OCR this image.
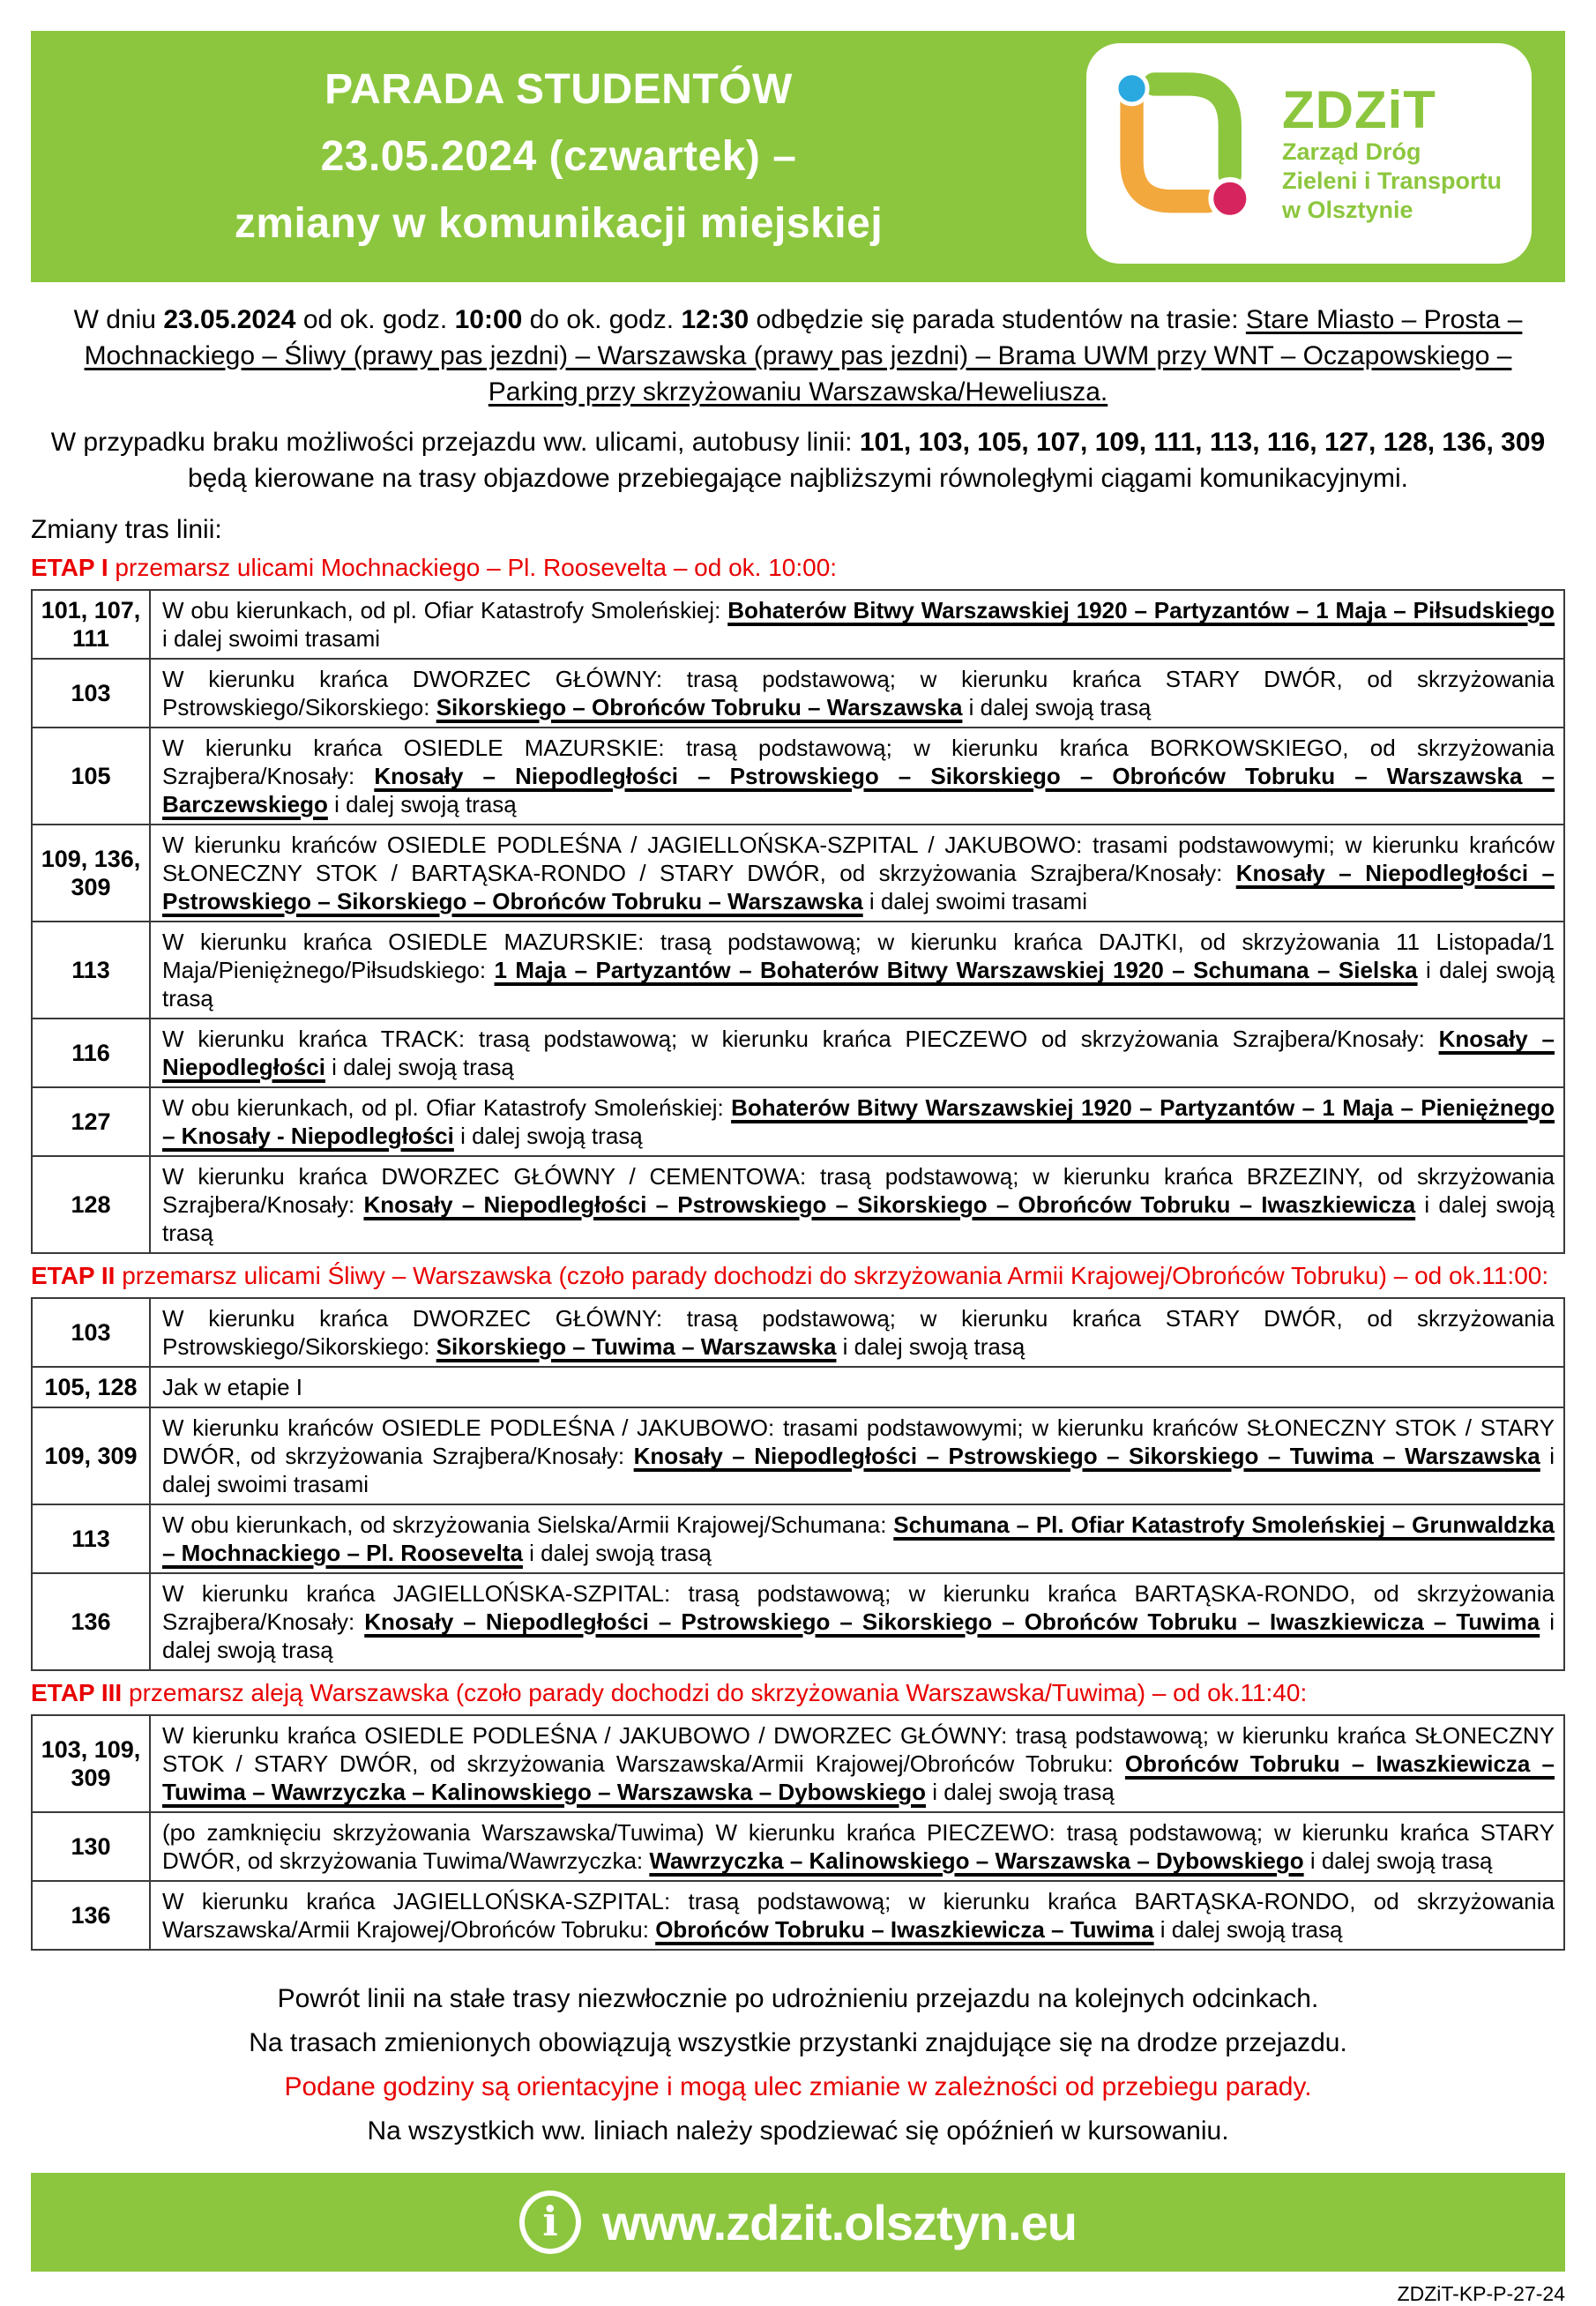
PARADA STUDENTÓW
23.05.2024 (czwartek) –
zmiany w komunikacji miejskiej
ZDZiT
Zarząd Dróg
Zieleni i Transportu
w Olsztynie

W dniu 23.05.2024 od ok. godz. 10:00 do ok. godz. 12:30 odbędzie się parada studentów na trasie: Stare Miasto – Prosta – Mochnackiego – Śliwy (prawy pas jezdni) – Warszawska (prawy pas jezdni) – Brama UWM przy WNT – Oczapowskiego – Parking przy skrzyżowaniu Warszawska/Heweliusza.

W przypadku braku możliwości przejazdu ww. ulicami, autobusy linii: 101, 103, 105, 107, 109, 111, 113, 116, 127, 128, 136, 309 będą kierowane na trasy objazdowe przebiegające najbliższymi równoległymi ciągami komunikacyjnymi.

Zmiany tras linii:
ETAP I przemarsz ulicami Mochnackiego – Pl. Roosevelta – od ok. 10:00:
101, 107, 111	W obu kierunkach, od pl. Ofiar Katastrofy Smoleńskiej: Bohaterów Bitwy Warszawskiej 1920 – Partyzantów – 1 Maja – Piłsudskiego i dalej swoimi trasami
103	W kierunku krańca DWORZEC GŁÓWNY: trasą podstawową; w kierunku krańca STARY DWÓR, od skrzyżowania Pstrowskiego/Sikorskiego: Sikorskiego – Obrońców Tobruku – Warszawska i dalej swoją trasą
105	W kierunku krańca OSIEDLE MAZURSKIE: trasą podstawową; w kierunku krańca BORKOWSKIEGO, od skrzyżowania Szrajbera/Knosały: Knosały – Niepodległości – Pstrowskiego – Sikorskiego – Obrońców Tobruku – Warszawska – Barczewskiego i dalej swoją trasą
109, 136, 309	W kierunku krańców OSIEDLE PODLEŚNA / JAGIELLOŃSKA-SZPITAL / JAKUBOWO: trasami podstawowymi; w kierunku krańców SŁONECZNY STOK / BARTĄSKA-RONDO / STARY DWÓR, od skrzyżowania Szrajbera/Knosały: Knosały – Niepodległości – Pstrowskiego – Sikorskiego – Obrońców Tobruku – Warszawska i dalej swoimi trasami
113	W kierunku krańca OSIEDLE MAZURSKIE: trasą podstawową; w kierunku krańca DAJTKI, od skrzyżowania 11 Listopada/1 Maja/Pieniężnego/Piłsudskiego: 1 Maja – Partyzantów – Bohaterów Bitwy Warszawskiej 1920 – Schumana – Sielska i dalej swoją trasą
116	W kierunku krańca TRACK: trasą podstawową; w kierunku krańca PIECZEWO od skrzyżowania Szrajbera/Knosały: Knosały – Niepodległości i dalej swoją trasą
127	W obu kierunkach, od pl. Ofiar Katastrofy Smoleńskiej: Bohaterów Bitwy Warszawskiej 1920 – Partyzantów – 1 Maja – Pieniężnego – Knosały - Niepodległości i dalej swoją trasą
128	W kierunku krańca DWORZEC GŁÓWNY / CEMENTOWA: trasą podstawową; w kierunku krańca BRZEZINY, od skrzyżowania Szrajbera/Knosały: Knosały – Niepodległości – Pstrowskiego – Sikorskiego – Obrońców Tobruku – Iwaszkiewicza i dalej swoją trasą
ETAP II przemarsz ulicami Śliwy – Warszawska (czoło parady dochodzi do skrzyżowania Armii Krajowej/Obrońców Tobruku) – od ok.11:00:
103	W kierunku krańca DWORZEC GŁÓWNY: trasą podstawową; w kierunku krańca STARY DWÓR, od skrzyżowania Pstrowskiego/Sikorskiego: Sikorskiego – Tuwima – Warszawska i dalej swoją trasą
105, 128	Jak w etapie I
109, 309	W kierunku krańców OSIEDLE PODLEŚNA / JAKUBOWO: trasami podstawowymi; w kierunku krańców SŁONECZNY STOK / STARY DWÓR, od skrzyżowania Szrajbera/Knosały: Knosały – Niepodległości – Pstrowskiego – Sikorskiego – Tuwima – Warszawska i dalej swoimi trasami
113	W obu kierunkach, od skrzyżowania Sielska/Armii Krajowej/Schumana: Schumana – Pl. Ofiar Katastrofy Smoleńskiej – Grunwaldzka – Mochnackiego – Pl. Roosevelta i dalej swoją trasą
136	W kierunku krańca JAGIELLOŃSKA-SZPITAL: trasą podstawową; w kierunku krańca BARTĄSKA-RONDO, od skrzyżowania Szrajbera/Knosały: Knosały – Niepodległości – Pstrowskiego – Sikorskiego – Obrońców Tobruku – Iwaszkiewicza – Tuwima i dalej swoją trasą
ETAP III przemarsz aleją Warszawska (czoło parady dochodzi do skrzyżowania Warszawska/Tuwima) – od ok.11:40:
103, 109, 309	W kierunku krańca OSIEDLE PODLEŚNA / JAKUBOWO / DWORZEC GŁÓWNY: trasą podstawową; w kierunku krańca SŁONECZNY STOK / STARY DWÓR, od skrzyżowania Warszawska/Armii Krajowej/Obrońców Tobruku: Obrońców Tobruku – Iwaszkiewicza – Tuwima – Wawrzyczka – Kalinowskiego – Warszawska – Dybowskiego i dalej swoją trasą
130	(po zamknięciu skrzyżowania Warszawska/Tuwima) W kierunku krańca PIECZEWO: trasą podstawową; w kierunku krańca STARY DWÓR, od skrzyżowania Tuwima/Wawrzyczka: Wawrzyczka – Kalinowskiego – Warszawska – Dybowskiego i dalej swoją trasą
136	W kierunku krańca JAGIELLOŃSKA-SZPITAL: trasą podstawową; w kierunku krańca BARTĄSKA-RONDO, od skrzyżowania Warszawska/Armii Krajowej/Obrońców Tobruku: Obrońców Tobruku – Iwaszkiewicza – Tuwima i dalej swoją trasą
Powrót linii na stałe trasy niezwłocznie po udrożnieniu przejazdu na kolejnych odcinkach.
Na trasach zmienionych obowiązują wszystkie przystanki znajdujące się na drodze przejazdu.
Podane godziny są orientacyjne i mogą ulec zmianie w zależności od przebiegu parady.
Na wszystkich ww. liniach należy spodziewać się opóźnień w kursowaniu.
i www.zdzit.olsztyn.eu
ZDZiT-KP-P-27-24
